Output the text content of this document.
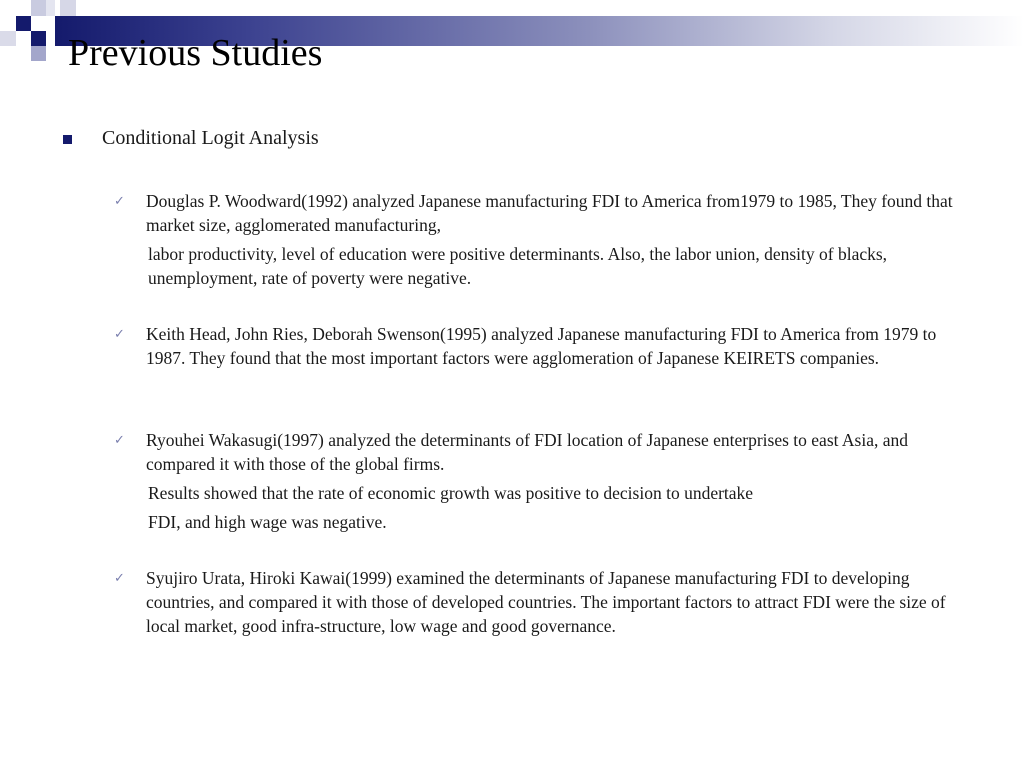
Previous Studies
Conditional Logit Analysis
✓ Douglas P. Woodward(1992) analyzed Japanese manufacturing FDI to America from1979 to 1985, They found that market size, agglomerated manufacturing,

labor productivity, level of education were positive determinants. Also, the labor union, density of blacks, unemployment, rate of poverty were negative.

✓ Keith Head, John Ries, Deborah Swenson(1995) analyzed Japanese manufacturing FDI to America from 1979 to 1987. They found that the most important factors were agglomeration of Japanese KEIRETS companies.

✓ Ryouhei Wakasugi(1997) analyzed the determinants of FDI location of Japanese enterprises to east Asia, and compared it with those of the global firms.

Results showed that the rate of economic growth was positive to decision to undertake

FDI, and high wage was negative.

✓ Syujiro Urata, Hiroki Kawai(1999) examined the determinants of Japanese manufacturing FDI to developing countries, and compared it with those of developed countries. The important factors to attract FDI were the size of local market, good infra-structure, low wage and good governance.
